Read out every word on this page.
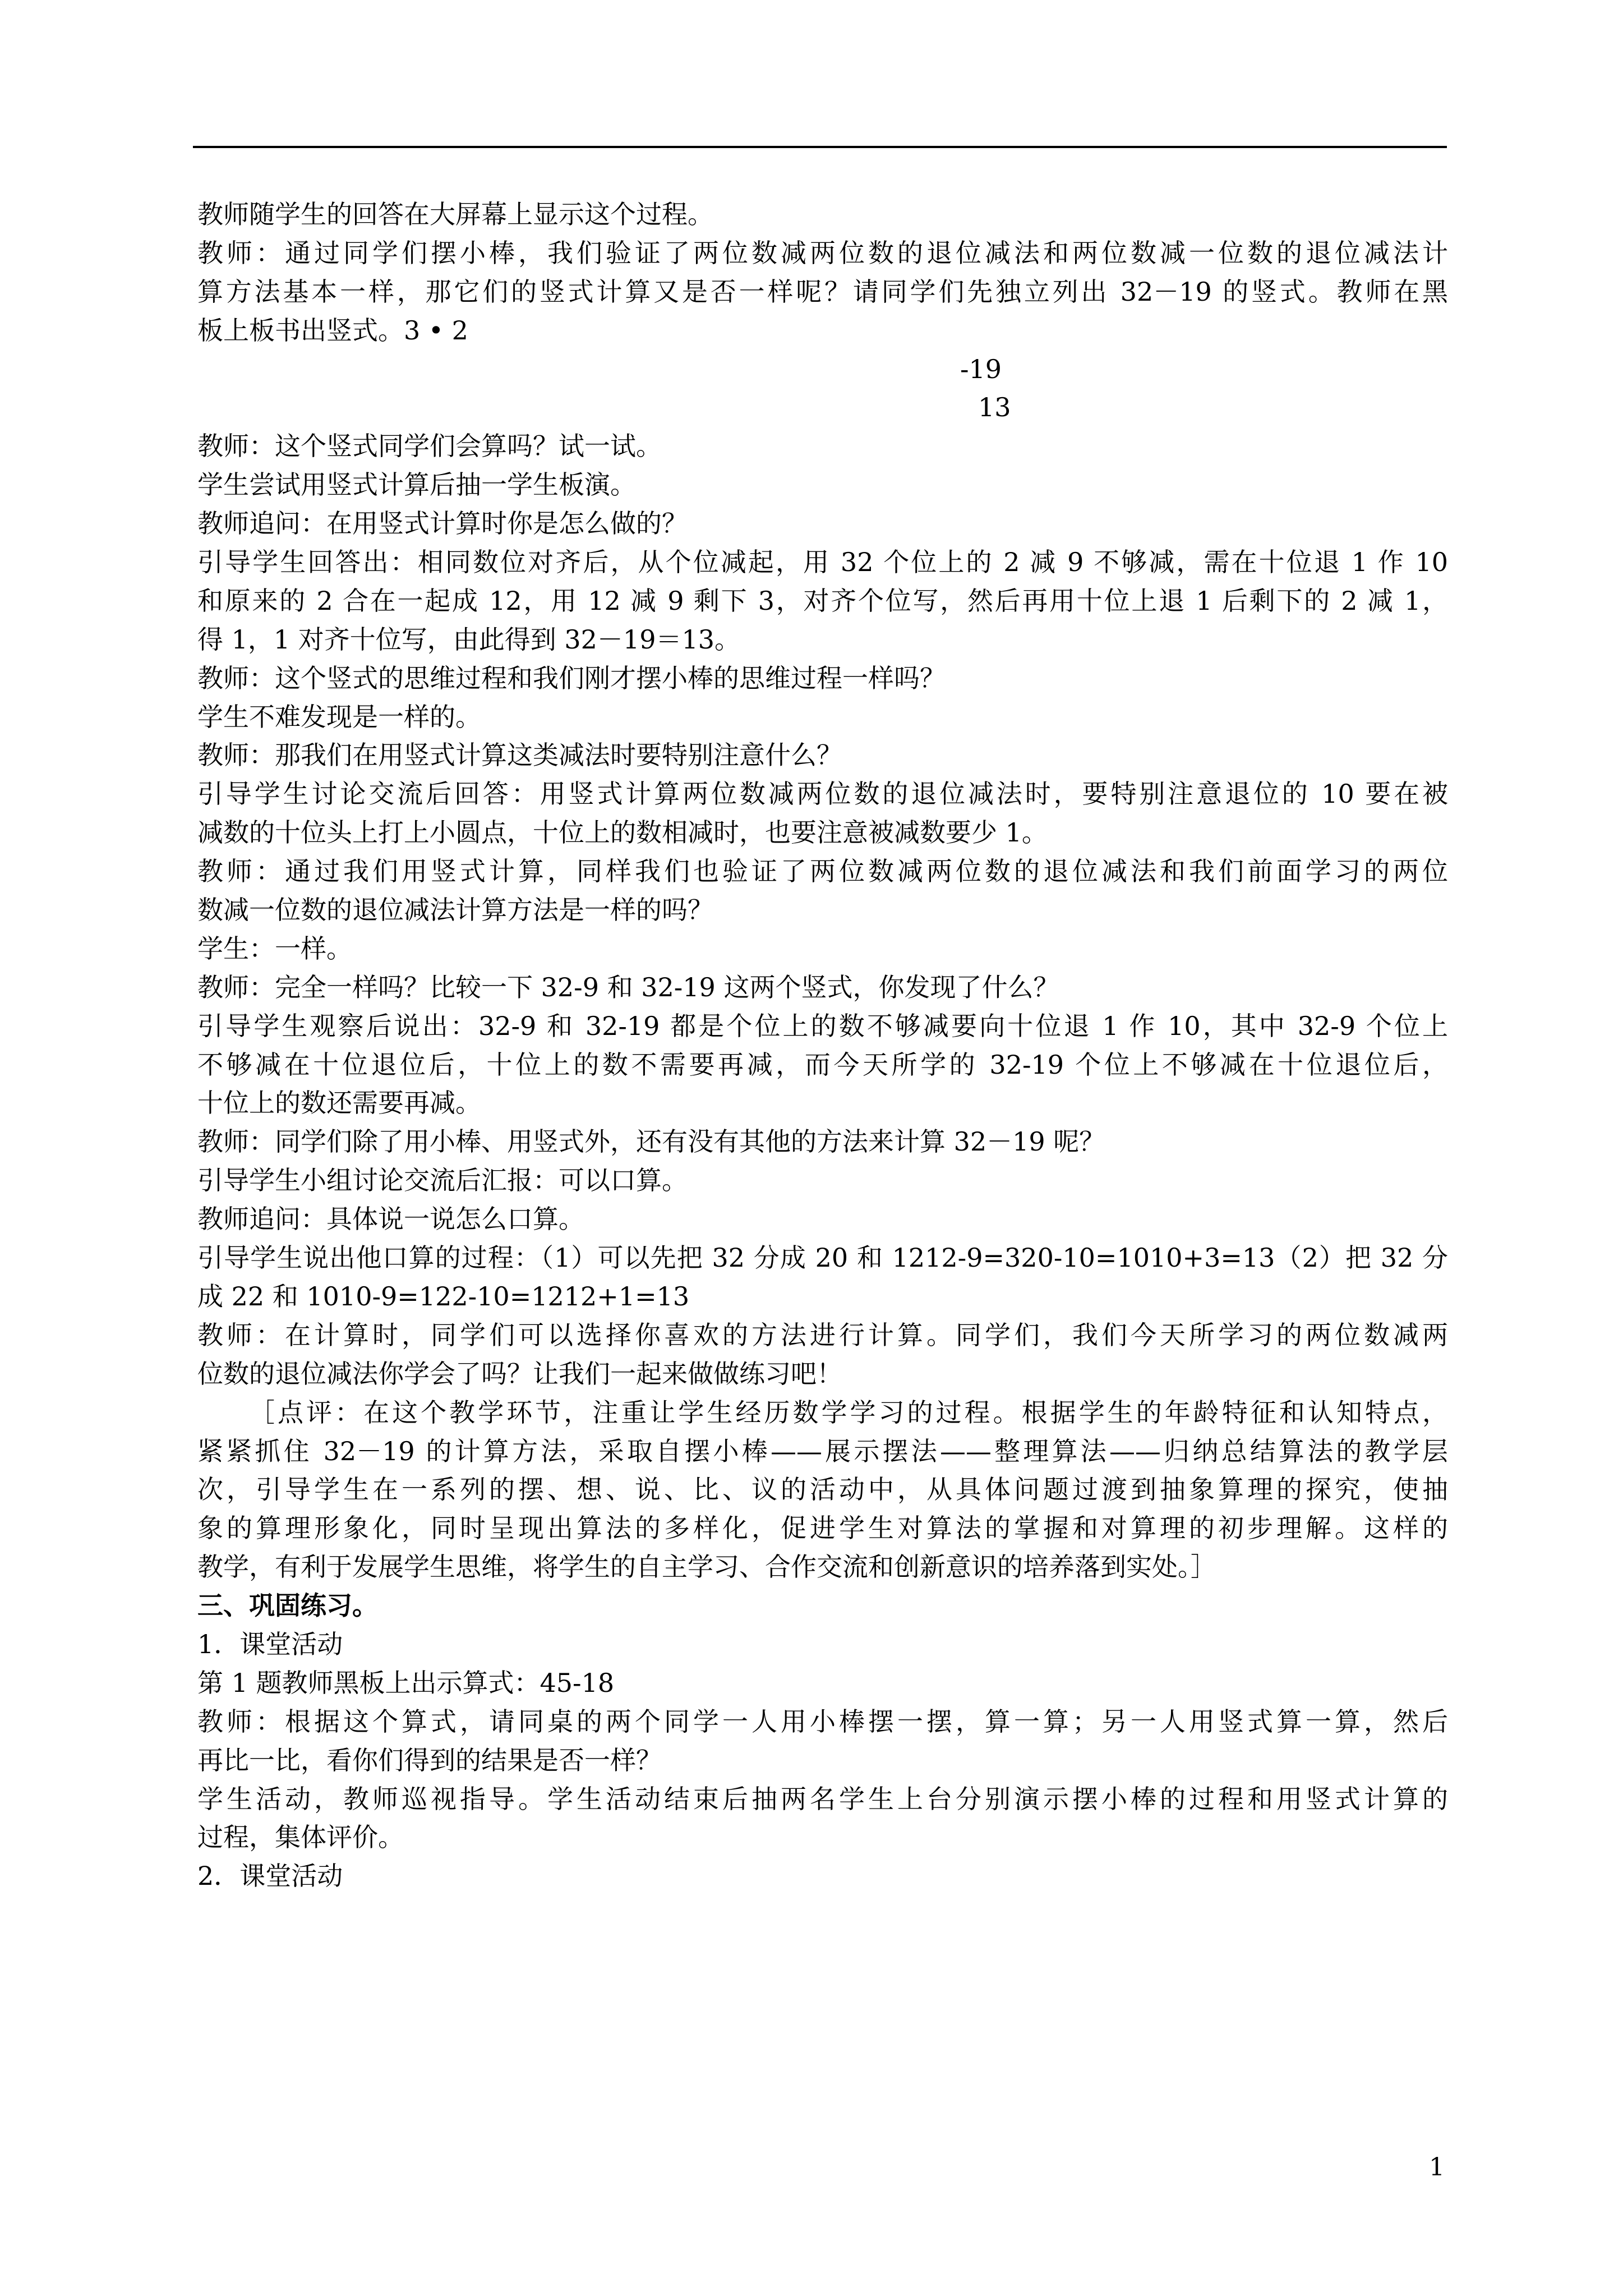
教师随学生的回答在大屏幕上显示这个过程。
教师：通过同学们摆小棒，我们验证了两位数减两位数的退位减法和两位数减一位数的退位减法计
算方法基本一样，那它们的竖式计算又是否一样呢？请同学们先独立列出 32－19 的竖式。教师在黑
板上板书出竖式。3 • 2
-19
13
教师：这个竖式同学们会算吗？试一试。
学生尝试用竖式计算后抽一学生板演。
教师追问：在用竖式计算时你是怎么做的？
引导学生回答出：相同数位对齐后，从个位减起，用 32 个位上的 2 减 9 不够减，需在十位退 1 作 10
和原来的 2 合在一起成 12，用 12 减 9 剩下 3，对齐个位写，然后再用十位上退 1 后剩下的 2 减 1，
得 1，1 对齐十位写，由此得到 32－19＝13。
教师：这个竖式的思维过程和我们刚才摆小棒的思维过程一样吗？
学生不难发现是一样的。
教师：那我们在用竖式计算这类减法时要特别注意什么？
引导学生讨论交流后回答：用竖式计算两位数减两位数的退位减法时，要特别注意退位的 10 要在被
减数的十位头上打上小圆点，十位上的数相减时，也要注意被减数要少 1。
教师：通过我们用竖式计算，同样我们也验证了两位数减两位数的退位减法和我们前面学习的两位
数减一位数的退位减法计算方法是一样的吗？
学生：一样。
教师：完全一样吗？比较一下 32-9 和 32-19 这两个竖式，你发现了什么？
引导学生观察后说出：32-9 和 32-19 都是个位上的数不够减要向十位退 1 作 10，其中 32-9 个位上
不够减在十位退位后，十位上的数不需要再减，而今天所学的 32-19 个位上不够减在十位退位后，
十位上的数还需要再减。
教师：同学们除了用小棒、用竖式外，还有没有其他的方法来计算 32－19 呢？
引导学生小组讨论交流后汇报：可以口算。
教师追问：具体说一说怎么口算。
引导学生说出他口算的过程：（1）可以先把 32 分成 20 和 1212-9=320-10=1010+3=13（2）把 32 分
成 22 和 1010-9=122-10=1212+1=13
教师：在计算时，同学们可以选择你喜欢的方法进行计算。同学们，我们今天所学习的两位数减两
位数的退位减法你学会了吗？让我们一起来做做练习吧！
［点评：在这个教学环节，注重让学生经历数学学习的过程。根据学生的年龄特征和认知特点，
紧紧抓住 32－19 的计算方法，采取自摆小棒——展示摆法——整理算法——归纳总结算法的教学层
次，引导学生在一系列的摆、想、说、比、议的活动中，从具体问题过渡到抽象算理的探究，使抽
象的算理形象化，同时呈现出算法的多样化，促进学生对算法的掌握和对算理的初步理解。这样的
教学，有利于发展学生思维，将学生的自主学习、合作交流和创新意识的培养落到实处。］
三、巩固练习。
1．课堂活动
第 1 题教师黑板上出示算式：45-18
教师：根据这个算式，请同桌的两个同学一人用小棒摆一摆，算一算；另一人用竖式算一算，然后
再比一比，看你们得到的结果是否一样？
学生活动，教师巡视指导。学生活动结束后抽两名学生上台分别演示摆小棒的过程和用竖式计算的
过程，集体评价。
2．课堂活动
1
